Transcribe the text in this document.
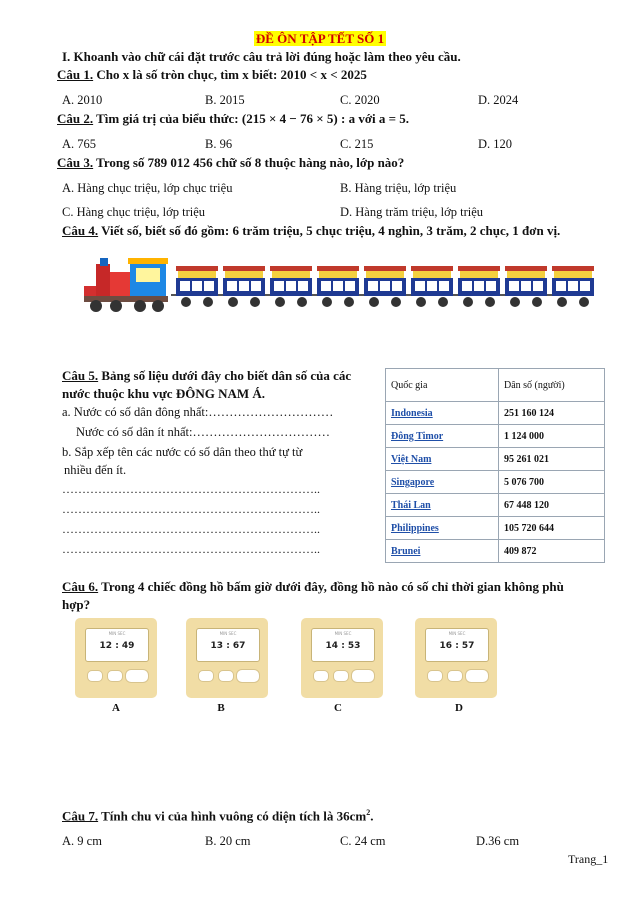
ĐỀ ÔN TẬP TẾT SỐ 1
I. Khoanh vào chữ cái đặt trước câu trả lời đúng hoặc làm theo yêu cầu.
Câu 1. Cho x là số tròn chục, tìm x biết: 2010 < x < 2025
A. 2010	B. 2015	C. 2020	D. 2024
Câu 2. Tìm giá trị của biểu thức: (215 × 4 − 76 × 5) : a với a = 5.
A. 765	B. 96	C. 215	D. 120
Câu 3. Trong số 789 012 456 chữ số 8 thuộc hàng nào, lớp nào?
A. Hàng chục triệu, lớp chục triệu	B. Hàng triệu, lớp triệu
C. Hàng chục triệu, lớp triệu	D. Hàng trăm triệu, lớp triệu
Câu 4. Viết số, biết số đó gồm: 6 trăm triệu, 5 chục triệu, 4 nghìn, 3 trăm, 2 chục, 1 đơn vị.
Câu 5. Bảng số liệu dưới đây cho biết dân số của các
nước thuộc khu vực ĐÔNG NAM Á.
a. Nước có số dân đông nhất:…………………………
Nước có số dân ít nhất:……………………………
b. Sắp xếp tên các nước có số dân theo thứ tự từ
nhiều đến ít.
………………………………………………………..
………………………………………………………..
………………………………………………………..
………………………………………………………..
Quốc gia	Dân số (người)
Indonesia	251 160 124
Đông Timor	1 124 000
Việt Nam	95 261 021
Singapore	5 076 700
Thái Lan	67 448 120
Philippines	105 720 644
Brunei	409 872
Câu 6. Trong 4 chiếc đồng hồ bấm giờ dưới đây, đồng hồ nào có số chỉ thời gian không phù
hợp?
MIN SEC
12 : 49
MIN SEC
13 : 67
MIN SEC
14 : 53
MIN SEC
16 : 57
A	B	C	D
Câu 7. Tính chu vi của hình vuông có diện tích là $36cm^2$.
A. 9 cm	B. 20 cm	C. 24 cm	D.36 cm
Trang_1
